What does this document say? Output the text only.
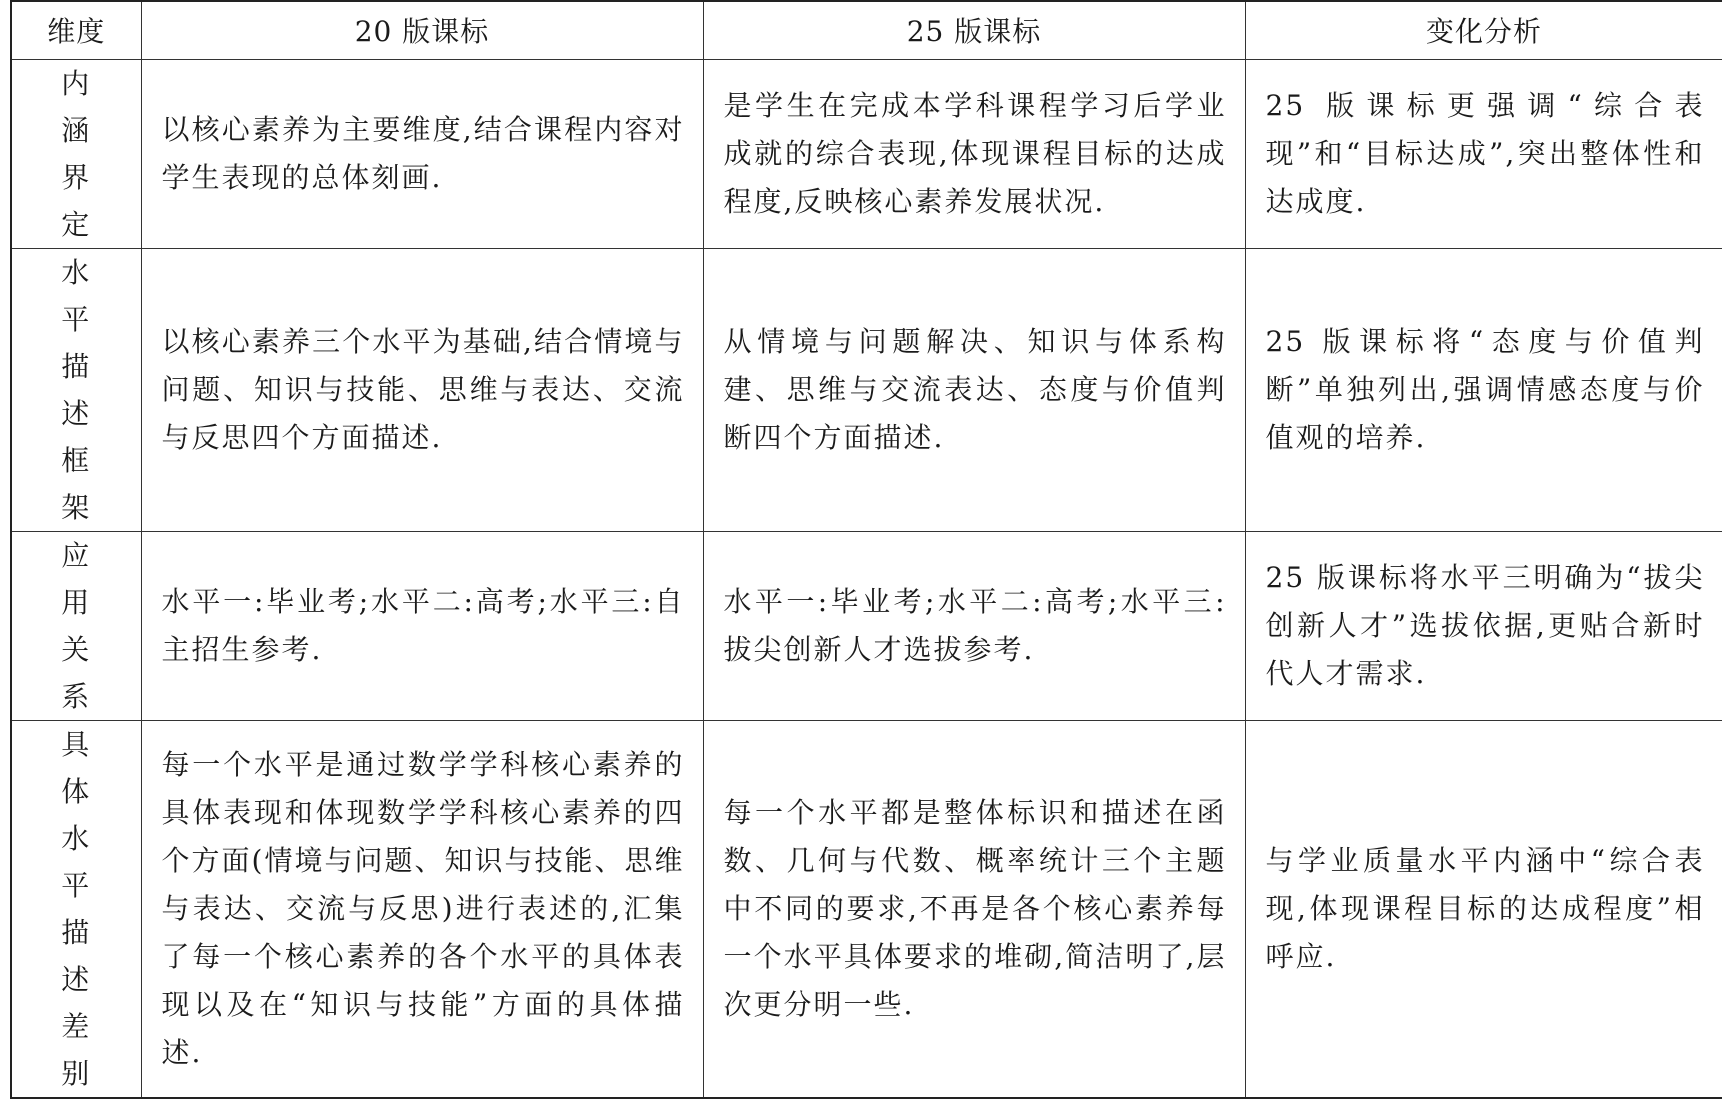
维度	20 版课标	25 版课标	变化分析

内涵界定	以核心素养为主要维度,结合课程内容对学生表现的总体刻画.	是学生在完成本学科课程学习后学业成就的综合表现,体现课程目标的达成程度,反映核心素养发展状况.	25 版课标更强调“综合表现”和“目标达成”,突出整体性和达成度.

水平描述框架	以核心素养三个水平为基础,结合情境与问题、知识与技能、思维与表达、交流与反思四个方面描述.	从情境与问题解决、知识与体系构建、思维与交流表达、态度与价值判断四个方面描述.	25 版课标将“态度与价值判断”单独列出,强调情感态度与价值观的培养.

应用关系	水平一:毕业考;水平二:高考;水平三:自主招生参考.	水平一:毕业考;水平二:高考;水平三:拔尖创新人才选拔参考.	25 版课标将水平三明确为“拔尖创新人才”选拔依据,更贴合新时代人才需求.

具体水平描述差别	每一个水平是通过数学学科核心素养的具体表现和体现数学学科核心素养的四个方面(情境与问题、知识与技能、思维与表达、交流与反思)进行表述的,汇集了每一个核心素养的各个水平的具体表现以及在“知识与技能”方面的具体描述.	每一个水平都是整体标识和描述在函数、几何与代数、概率统计三个主题中不同的要求,不再是各个核心素养每一个水平具体要求的堆砌,简洁明了,层次更分明一些.	与学业质量水平内涵中“综合表现,体现课程目标的达成程度”相呼应.
